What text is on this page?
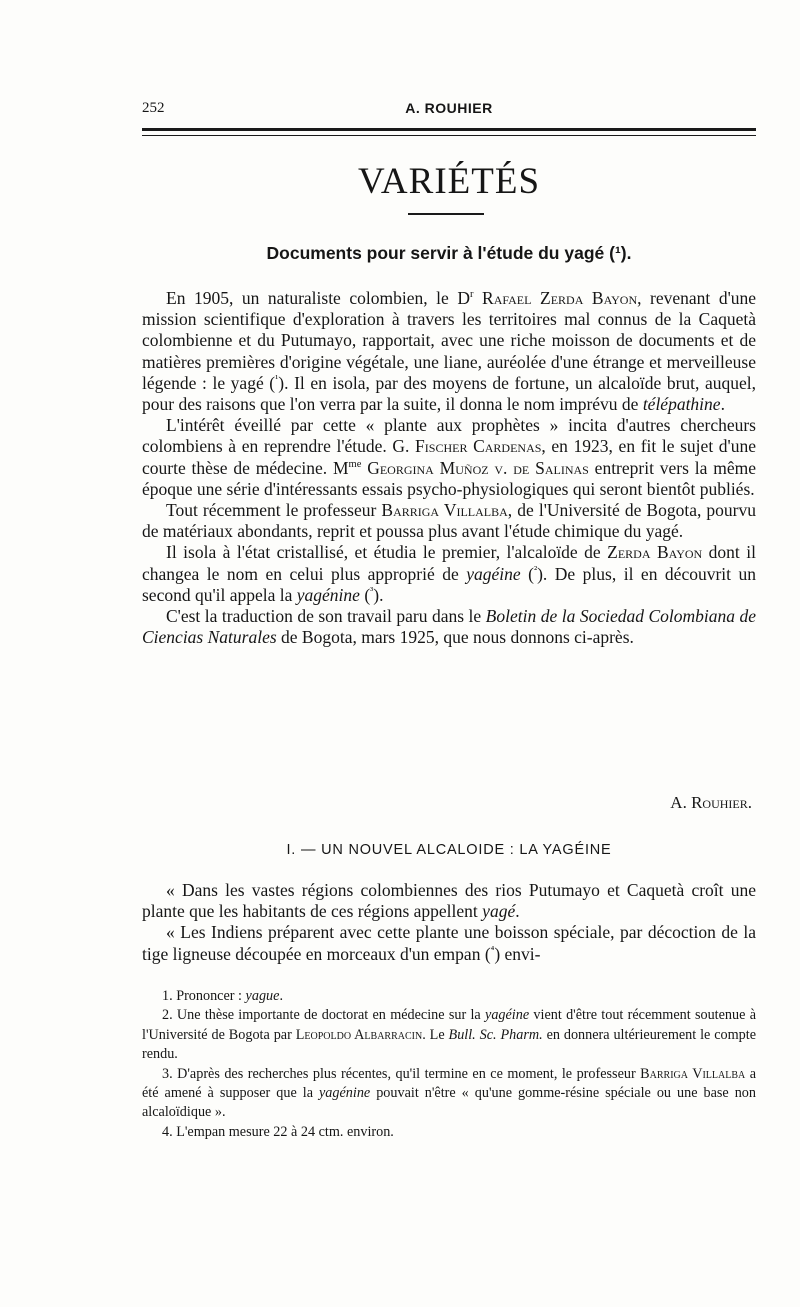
252	A. ROUHIER
VARIÉTÉS
Documents pour servir à l'étude du yagé (¹).

En 1905, un naturaliste colombien, le $D^r$ Rafael Zerda Bayon, revenant d'une mission scientifique d'exploration à travers les territoires mal connus de la Caquetà colombienne et du Putumayo, rapportait, avec une riche moisson de documents et de matières premières d'origine végétale, une liane, auréolée d'une étrange et merveilleuse légende : le yagé ($^{^1}$). Il en isola, par des moyens de fortune, un alcaloïde brut, auquel, pour des raisons que l'on verra par la suite, il donna le nom imprévu de télépathine.

L'intérêt éveillé par cette « plante aux prophètes » incita d'autres chercheurs colombiens à en reprendre l'étude. G. Fischer Cardenas, en 1923, en fit le sujet d'une courte thèse de médecine. $M^{me}$ Georgina Muñoz v. de Salinas entreprit vers la même époque une série d'intéressants essais psycho-physiologiques qui seront bientôt publiés.

Tout récemment le professeur Barriga Villalba, de l'Université de Bogota, pourvu de matériaux abondants, reprit et poussa plus avant l'étude chimique du yagé.

Il isola à l'état cristallisé, et étudia le premier, l'alcaloïde de Zerda Bayon dont il changea le nom en celui plus approprié de yagéine ($^{^2}$). De plus, il en découvrit un second qu'il appela la yagénine ($^{^3}$).

C'est la traduction de son travail paru dans le Boletin de la Sociedad Colombiana de Ciencias Naturales de Bogota, mars 1925, que nous donnons ci-après.

A. Rouhier.
I. — UN NOUVEL ALCALOIDE : LA YAGÉINE

« Dans les vastes régions colombiennes des rios Putumayo et Caquetà croît une plante que les habitants de ces régions appellent yagé.

« Les Indiens préparent avec cette plante une boisson spéciale, par décoction de la tige ligneuse découpée en morceaux d'un empan ($^{^4}$) envi-

1. Prononcer : yague.

2. Une thèse importante de doctorat en médecine sur la yagéine vient d'être tout récemment soutenue à l'Université de Bogota par Leopoldo Albarracin. Le Bull. Sc. Pharm. en donnera ultérieurement le compte rendu.

3. D'après des recherches plus récentes, qu'il termine en ce moment, le professeur Barriga Villalba a été amené à supposer que la yagénine pouvait n'être « qu'une gomme-résine spéciale ou une base non alcaloïdique ».

4. L'empan mesure 22 à 24 ctm. environ.
